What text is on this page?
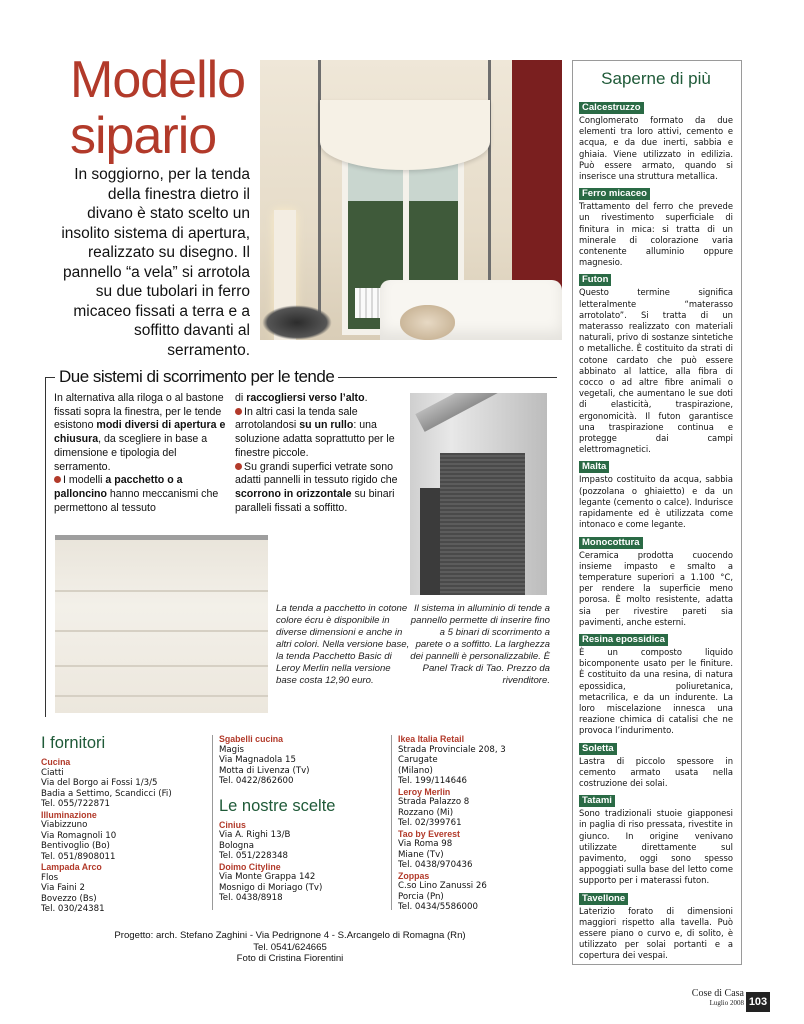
Modello
sipario

In soggiorno, per la tenda della finestra dietro il divano è stato scelto un insolito sistema di apertura, realizzato su disegno. Il pannello “a vela” si arrotola su due tubolari in ferro micaceo fissati a terra e a soffitto davanti al serramento.

Saperne di più
Calcestruzzo

Conglomerato formato da due elementi tra loro attivi, cemento e acqua, e da due inerti, sabbia e ghiaia. Viene utilizzato in edilizia. Può essere armato, quando si inserisce una struttura metallica.

Ferro micaceo

Trattamento del ferro che prevede un rivestimento superficiale di finitura in mica: si tratta di un minerale di colorazione varia contenente alluminio oppure magnesio.

Futon

Questo termine significa letteralmente “materasso arrotolato”. Si tratta di un materasso realizzato con materiali naturali, privo di sostanze sintetiche o metalliche. È costituito da strati di cotone cardato che può essere abbinato al lattice, alla fibra di cocco o ad altre fibre animali o vegetali, che aumentano le sue doti di elasticità, traspirazione, ergonomicità. Il futon garantisce una traspirazione continua e protegge dai campi elettromagnetici.

Malta

Impasto costituito da acqua, sabbia (pozzolana o ghiaietto) e da un legante (cemento o calce). Induriscе rapidamente ed è utilizzata come intonaco e come legante.

Monocottura

Ceramica prodotta cuocendo insieme impasto e smalto a temperature superiori a 1.100 °C, per rendere la superficie meno porosa. È molto resistente, adatta sia per rivestire pareti sia pavimenti, anche esterni.

Resina epossidica

È un composto liquido bicomponente usato per le finiture. È costituito da una resina, di natura epossidica, poliuretanica, metacrilica, e da un indurente. La loro miscelazione innesca una reazione chimica di catalisi che ne provoca l’indurimento.

Soletta

Lastra di piccolo spessore in cemento armato usata nella costruzione dei solai.

Tatami

Sono tradizionali stuoie giapponesi in paglia di riso pressata, rivestite in giunco. In origine venivano utilizzate direttamente sul pavimento, oggi sono spesso appoggiati sulla base del letto come supporto per i materassi futon.

Tavellone

Laterizio forato di dimensioni maggiori rispetto alla tavella. Può essere piano o curvo e, di solito, è utilizzato per solai portanti e a copertura dei vespai.

Due sistemi di scorrimento per le tende

In alternativa alla riloga o al bastone fissati sopra la finestra, per le tende esistono modi diversi di apertura e chiusura, da scegliere in base a dimensione e tipologia del serramento.
I modelli a pacchetto o a palloncino hanno meccanismi che permettono al tessuto

di raccogliersi verso l’alto.
In altri casi la tenda sale arrotolandosi su un rullo: una soluzione adatta soprattutto per le finestre piccole.
Su grandi superfici vetrate sono adatti pannelli in tessuto rigido che scorrono in orizzontale su binari paralleli fissati a soffitto.

La tenda a pacchetto in cotone colore écru è disponibile in diverse dimensioni e anche in altri colori. Nella versione base, la tenda Pacchetto Basic di Leroy Merlin nella versione base costa 12,90 euro.

Il sistema in alluminio di tende a pannello permette di inserire fino a 5 binari di scorrimento a parete o a soffitto. La larghezza dei pannelli è personalizzabile. È Panel Track di Tao. Prezzo da rivenditore.

I fornitori
Cucina
Ciatti
Via del Borgo ai Fossi 1/3/5
Badia a Settimo, Scandicci (Fi)
Tel. 055/722871
Illuminazione
Viabizzuno
Via Romagnoli 10
Bentivoglio (Bo)
Tel. 051/8908011
Lampada Arco
Flos
Via Faini 2
Bovezzo (Bs)
Tel. 030/24381
Sgabelli cucina
Magis
Via Magnadola 15
Motta di Livenza (Tv)
Tel. 0422/862600
Le nostre scelte
Cinius
Via A. Righi 13/B
Bologna
Tel. 051/228348
Doimo Cityline
Via Monte Grappa 142
Mosnigo di Moriago (Tv)
Tel. 0438/8918
Ikea Italia Retail
Strada Provinciale 208, 3
Carugate
(Milano)
Tel. 199/114646
Leroy Merlin
Strada Palazzo 8
Rozzano (Mi)
Tel. 02/399761
Tao by Everest
Via Roma 98
Miane (Tv)
Tel. 0438/970436
Zoppas
C.so Lino Zanussi 26
Porcia (Pn)
Tel. 0434/5586000
Progetto: arch. Stefano Zaghini - Via Pedrignone 4 - S.Arcangelo di Romagna (Rn)
Tel. 0541/624665
Foto di Cristina Fiorentini
Cose di Casa
Luglio 2008 103
